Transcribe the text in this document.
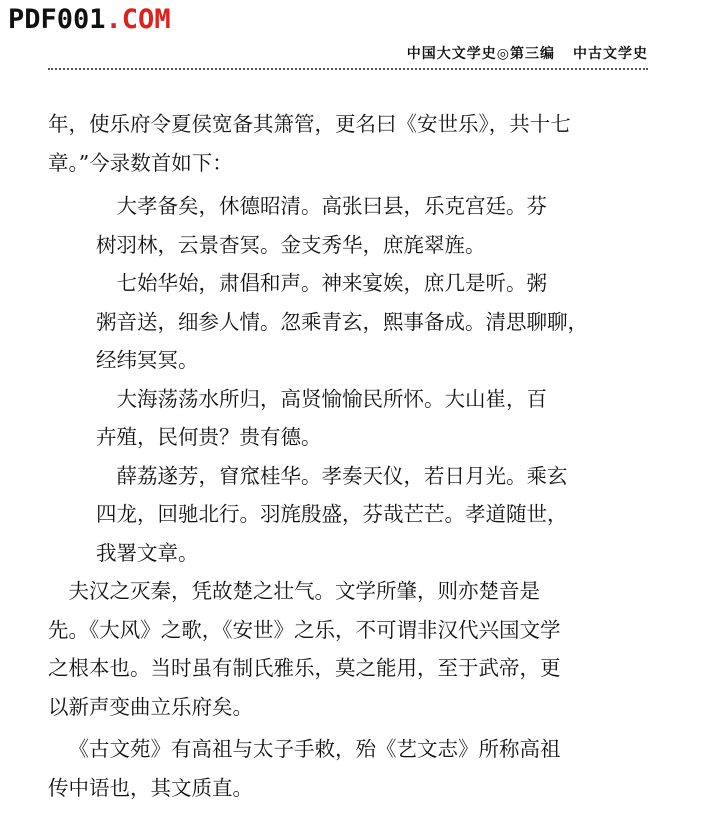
PDF001.COM
中国大文学史◎第三编 中古文学史
年，使乐府令夏侯宽备其箫管，更名曰《安世乐》，共十七
章。”今录数首如下：
大孝备矣，休德昭清。高张曰县，乐克宫廷。芬
树羽林，云景杳冥。金支秀华，庶旄翠旌。
七始华始，肃倡和声。神来宴娭，庶几是听。粥
粥音送，细参人情。忽乘青玄，熙事备成。清思聊聊，
经纬冥冥。
大海荡荡水所归，高贤愉愉民所怀。大山崔，百
卉殖，民何贵？贵有德。
薛荔遂芳，窅窊桂华。孝奏天仪，若日月光。乘玄
四龙，回驰北行。羽旄殷盛，芬哉芒芒。孝道随世，
我署文章。
夫汉之灭秦，凭故楚之壮气。文学所肇，则亦楚音是
先。《大风》之歌，《安世》之乐，不可谓非汉代兴国文学
之根本也。当时虽有制氏雅乐，莫之能用，至于武帝，更
以新声变曲立乐府矣。
《古文苑》有高祖与太子手敕，殆《艺文志》所称高祖
传中语也，其文质直。
